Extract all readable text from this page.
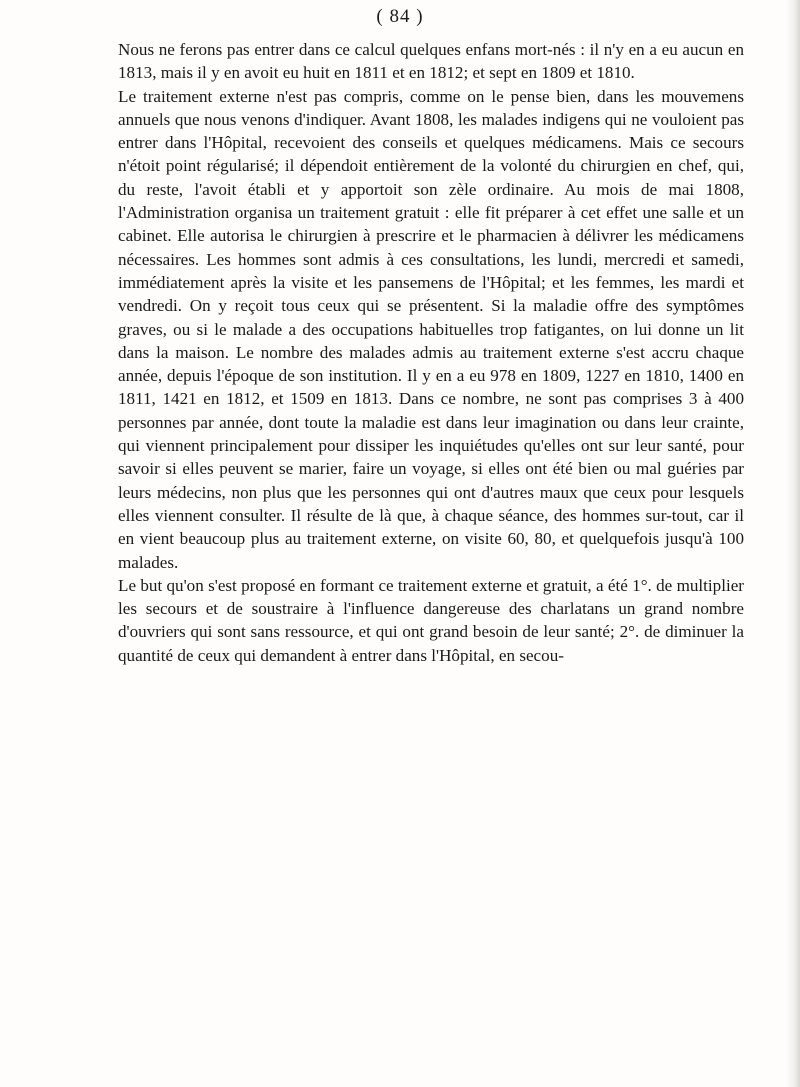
( 84 )

Nous ne ferons pas entrer dans ce calcul quelques enfans mort-nés : il n'y en a eu aucun en 1813, mais il y en avoit eu huit en 1811 et en 1812; et sept en 1809 et 1810.

Le traitement externe n'est pas compris, comme on le pense bien, dans les mouvemens annuels que nous venons d'indiquer. Avant 1808, les malades indigens qui ne vouloient pas entrer dans l'Hôpital, recevoient des conseils et quelques médicamens. Mais ce secours n'étoit point régularisé; il dépendoit entièrement de la volonté du chirurgien en chef, qui, du reste, l'avoit établi et y apportoit son zèle ordinaire. Au mois de mai 1808, l'Administration organisa un traitement gratuit : elle fit préparer à cet effet une salle et un cabinet. Elle autorisa le chirurgien à prescrire et le pharmacien à délivrer les médicamens nécessaires. Les hommes sont admis à ces consultations, les lundi, mercredi et samedi, immédiatement après la visite et les pansemens de l'Hôpital; et les femmes, les mardi et vendredi. On y reçoit tous ceux qui se présentent. Si la maladie offre des symptômes graves, ou si le malade a des occupations habituelles trop fatigantes, on lui donne un lit dans la maison. Le nombre des malades admis au traitement externe s'est accru chaque année, depuis l'époque de son institution. Il y en a eu 978 en 1809, 1227 en 1810, 1400 en 1811, 1421 en 1812, et 1509 en 1813. Dans ce nombre, ne sont pas comprises 3 à 400 personnes par année, dont toute la maladie est dans leur imagination ou dans leur crainte, qui viennent principalement pour dissiper les inquiétudes qu'elles ont sur leur santé, pour savoir si elles peuvent se marier, faire un voyage, si elles ont été bien ou mal guéries par leurs médecins, non plus que les personnes qui ont d'autres maux que ceux pour lesquels elles viennent consulter. Il résulte de là que, à chaque séance, des hommes sur-tout, car il en vient beaucoup plus au traitement externe, on visite 60, 80, et quelquefois jusqu'à 100 malades.

Le but qu'on s'est proposé en formant ce traitement externe et gratuit, a été 1°. de multiplier les secours et de soustraire à l'influence dangereuse des charlatans un grand nombre d'ouvriers qui sont sans ressource, et qui ont grand besoin de leur santé; 2°. de diminuer la quantité de ceux qui demandent à entrer dans l'Hôpital, en secou-
